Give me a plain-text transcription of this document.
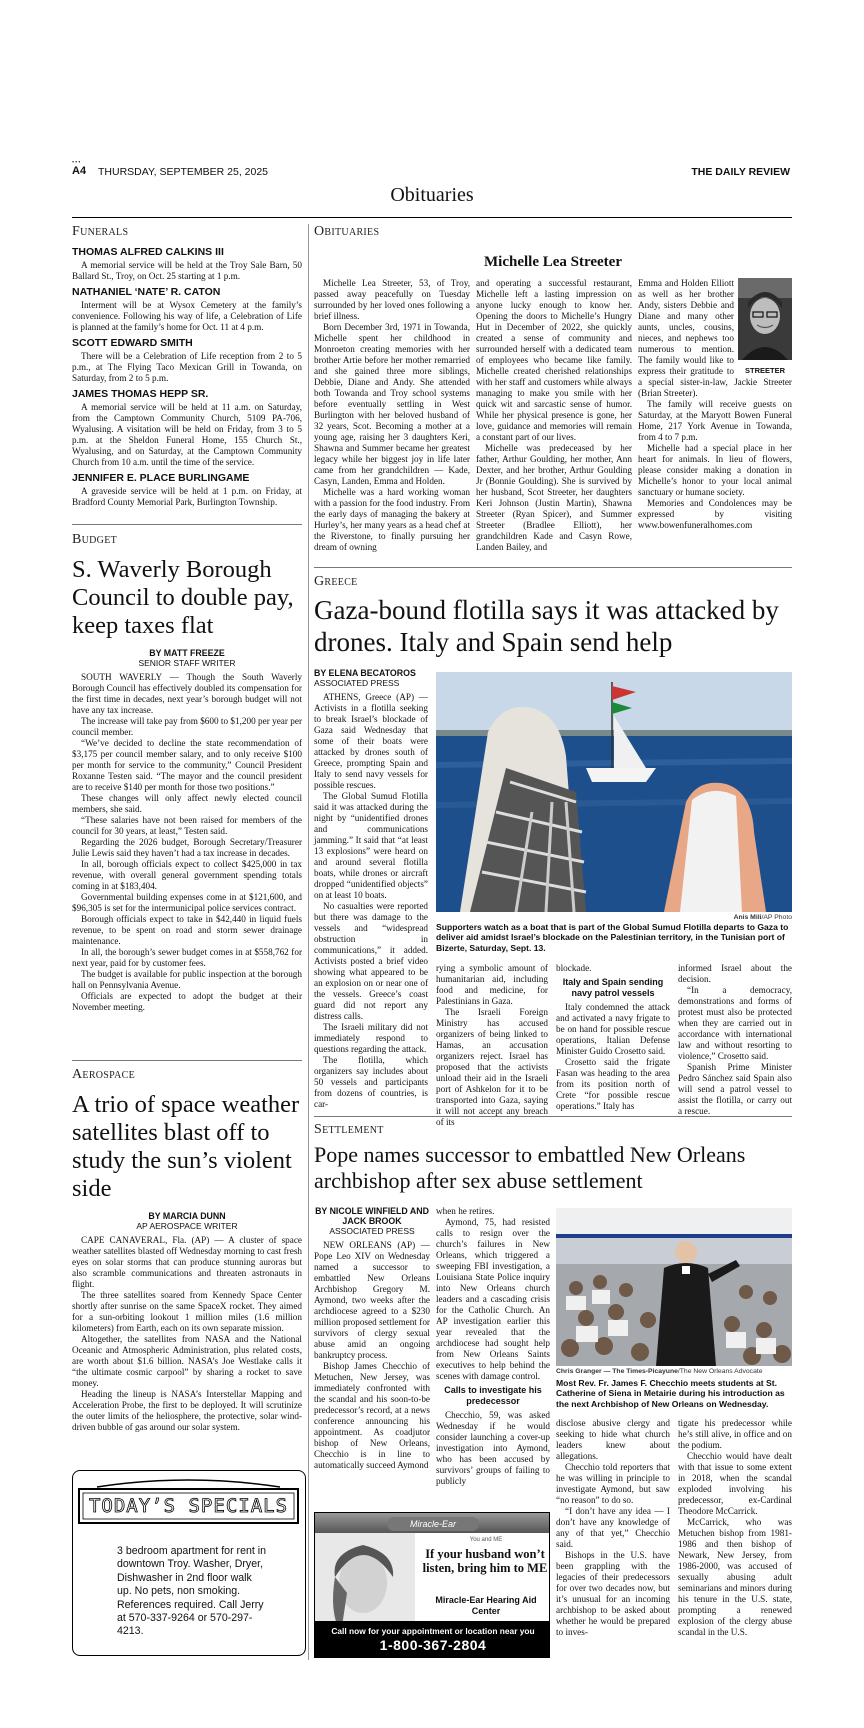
A4
•••
THURSDAY, SEPTEMBER 25, 2025	THE DAILY REVIEW
Obituaries
Funerals
THOMAS ALFRED CALKINS III
A memorial service will be held at the Troy Sale Barn, 50 Ballard St., Troy, on Oct. 25 starting at 1 p.m.
NATHANIEL ‘NATE’ R. CATON
Interment will be at Wysox Cemetery at the family’s convenience. Following his way of life, a Celebration of Life is planned at the family’s home for Oct. 11 at 4 p.m.
SCOTT EDWARD SMITH
There will be a Celebration of Life reception from 2 to 5 p.m., at The Flying Taco Mexican Grill in Towanda, on Saturday, from 2 to 5 p.m.
JAMES THOMAS HEPP SR.
A memorial service will be held at 11 a.m. on Saturday, from the Camptown Community Church, 5109 PA-706, Wyalusing. A visitation will be held on Friday, from 3 to 5 p.m. at the Sheldon Funeral Home, 155 Church St., Wyalusing, and on Saturday, at the Camptown Community Church from 10 a.m. until the time of the service.
JENNIFER E. PLACE BURLINGAME
A graveside service will be held at 1 p.m. on Friday, at Bradford County Memorial Park, Burlington Township.
Budget
S. Waverly Borough Council to double pay, keep taxes flat
BY MATT FREEZE
SENIOR STAFF WRITER

SOUTH WAVERLY — Though the South Waverly Borough Council has effectively doubled its compensation for the first time in decades, next year’s borough budget will not have any tax increase.

The increase will take pay from $600 to $1,200 per year per council member.

“We’ve decided to decline the state recommendation of $3,175 per council member salary, and to only receive $100 per month for service to the community,” Council President Roxanne Testen said. “The mayor and the council president are to receive $140 per month for those two positions.”

These changes will only affect newly elected council members, she said.

“These salaries have not been raised for members of the council for 30 years, at least,” Testen said.

Regarding the 2026 budget, Borough Secretary/Treasurer Julie Lewis said they haven’t had a tax increase in decades.

In all, borough officials expect to collect $425,000 in tax revenue, with overall general government spending totals coming in at $183,404.

Governmental building expenses come in at $121,600, and $96,305 is set for the intermunicipal police services contract.

Borough officials expect to take in $42,440 in liquid fuels revenue, to be spent on road and storm sewer drainage maintenance.

In all, the borough’s sewer budget comes in at $558,762 for next year, paid for by customer fees.

The budget is available for public inspection at the borough hall on Pennsylvania Avenue.

Officials are expected to adopt the budget at their November meeting.

Aerospace
A trio of space weather satellites blast off to study the sun’s violent side
BY MARCIA DUNN
AP AEROSPACE WRITER

CAPE CANAVERAL, Fla. (AP) — A cluster of space weather satellites blasted off Wednesday morning to cast fresh eyes on solar storms that can produce stunning auroras but also scramble communications and threaten astronauts in flight.

The three satellites soared from Kennedy Space Center shortly after sunrise on the same SpaceX rocket. They aimed for a sun-orbiting lookout 1 million miles (1.6 million kilometers) from Earth, each on its own separate mission.

Altogether, the satellites from NASA and the National Oceanic and Atmospheric Administration, plus related costs, are worth about $1.6 billion. NASA’s Joe Westlake calls it “the ultimate cosmic carpool” by sharing a rocket to save money.

Heading the lineup is NASA’s Interstellar Mapping and Acceleration Probe, the first to be deployed. It will scrutinize the outer limits of the heliosphere, the protective, solar wind-driven bubble of gas around our solar system.

TODAY’S SPECIALS
3 bedroom apartment for rent in downtown Troy. Washer, Dryer, Dishwasher in 2nd floor walk up. No pets, non smoking. References required. Call Jerry at 570-337-9264 or 570-297-4213.
Obituaries
Michelle Lea Streeter

Michelle Lea Streeter, 53, of Troy, passed away peacefully on Tuesday surrounded by her loved ones following a brief illness.

Born December 3rd, 1971 in Towanda, Michelle spent her childhood in Monroeton creating memories with her brother Artie before her mother remarried and she gained three more siblings, Debbie, Diane and Andy. She attended both Towanda and Troy school systems before eventually settling in West Burlington with her beloved husband of 32 years, Scot. Becoming a mother at a young age, raising her 3 daughters Keri, Shawna and Summer became her greatest legacy while her biggest joy in life later came from her grandchildren — Kade, Casyn, Landen, Emma and Holden.

Michelle was a hard working woman with a passion for the food industry. From the early days of managing the bakery at Hurley’s, her many years as a head chef at the Riverstone, to finally pursuing her dream of owning

and operating a successful restaurant, Michelle left a lasting impression on anyone lucky enough to know her. Opening the doors to Michelle’s Hungry Hut in December of 2022, she quickly created a sense of community and surrounded herself with a dedicated team of employees who became like family. Michelle created cherished relationships with her staff and customers while always managing to make you smile with her quick wit and sarcastic sense of humor. While her physical presence is gone, her love, guidance and memories will remain a constant part of our lives.

Michelle was predeceased by her father, Arthur Goulding, her mother, Ann Dexter, and her brother, Arthur Goulding Jr (Bonnie Goulding). She is survived by her husband, Scot Streeter, her daughters Keri Johnson (Justin Martin), Shawna Streeter (Ryan Spicer), and Summer Streeter (Bradlee Elliott), her grandchildren Kade and Casyn Rowe, Landen Bailey, and

STREETER

Emma and Holden Elliott as well as her brother Andy, sisters Debbie and Diane and many other aunts, uncles, cousins, nieces, and nephews too numerous to mention. The family would like to express their gratitude to a special sister-in-law, Jackie Streeter (Brian Streeter).

The family will receive guests on Saturday, at the Maryott Bowen Funeral Home, 217 York Avenue in Towanda, from 4 to 7 p.m.

Michelle had a special place in her heart for animals. In lieu of flowers, please consider making a donation in Michelle’s honor to your local animal sanctuary or humane society.

Memories and Condolences may be expressed by visiting www.bowenfuneralhomes.com

Greece
Gaza-bound flotilla says it was attacked by drones. Italy and Spain send help
BY ELENA BECATOROS
ASSOCIATED PRESS

ATHENS, Greece (AP) — Activists in a flotilla seeking to break Israel’s blockade of Gaza said Wednesday that some of their boats were attacked by drones south of Greece, prompting Spain and Italy to send navy vessels for possible rescues.

The Global Sumud Flotilla said it was attacked during the night by “unidentified drones and communications jamming.” It said that “at least 13 explosions” were heard on and around several flotilla boats, while drones or aircraft dropped “unidentified objects” on at least 10 boats.

No casualties were reported but there was damage to the vessels and “widespread obstruction in communications,” it added. Activists posted a brief video showing what appeared to be an explosion on or near one of the vessels. Greece’s coast guard did not report any distress calls.

The Israeli military did not immediately respond to questions regarding the attack.

The flotilla, which organizers say includes about 50 vessels and participants from dozens of countries, is car-

Anis Mili/AP Photo
Supporters watch as a boat that is part of the Global Sumud Flotilla departs to Gaza to deliver aid amidst Israel’s blockade on the Palestinian territory, in the Tunisian port of Bizerte, Saturday, Sept. 13.

rying a symbolic amount of humanitarian aid, including food and medicine, for Palestinians in Gaza.

The Israeli Foreign Ministry has accused organizers of being linked to Hamas, an accusation organizers reject. Israel has proposed that the activists unload their aid in the Israeli port of Ashkelon for it to be transported into Gaza, saying it will not accept any breach of its

blockade.

Italy and Spain sending navy patrol vessels

Italy condemned the attack and activated a navy frigate to be on hand for possible rescue operations, Italian Defense Minister Guido Crosetto said.

Crosetto said the frigate Fasan was heading to the area from its position north of Crete “for possible rescue operations.” Italy has

informed Israel about the decision.

“In a democracy, demonstrations and forms of protest must also be protected when they are carried out in accordance with international law and without resorting to violence,” Crosetto said.

Spanish Prime Minister Pedro Sánchez said Spain also will send a patrol vessel to assist the flotilla, or carry out a rescue.

Settlement
Pope names successor to embattled New Orleans archbishop after sex abuse settlement
BY NICOLE WINFIELD AND JACK BROOK
ASSOCIATED PRESS

NEW ORLEANS (AP) — Pope Leo XIV on Wednesday named a successor to embattled New Orleans Archbishop Gregory M. Aymond, two weeks after the archdiocese agreed to a $230 million proposed settlement for survivors of clergy sexual abuse amid an ongoing bankruptcy process.

Bishop James Checchio of Metuchen, New Jersey, was immediately confronted with the scandal and his soon-to-be predecessor’s record, at a news conference announcing his appointment. As coadjutor bishop of New Orleans, Checchio is in line to automatically succeed Aymond

when he retires.

Aymond, 75, had resisted calls to resign over the church’s failures in New Orleans, which triggered a sweeping FBI investigation, a Louisiana State Police inquiry into New Orleans church leaders and a cascading crisis for the Catholic Church. An AP investigation earlier this year revealed that the archdiocese had sought help from New Orleans Saints executives to help behind the scenes with damage control.

Calls to investigate his predecessor

Checchio, 59, was asked Wednesday if he would consider launching a cover-up investigation into Aymond, who has been accused by survivors’ groups of failing to publicly

Chris Granger — The Times-Picayune/The New Orleans Advocate
Most Rev. Fr. James F. Checchio meets students at St. Catherine of Siena in Metairie during his introduction as the next Archbishop of New Orleans on Wednesday.

disclose abusive clergy and seeking to hide what church leaders knew about allegations.

Checchio told reporters that he was willing in principle to investigate Aymond, but saw “no reason” to do so.

“I don’t have any idea — I don’t have any knowledge of any of that yet,” Checchio said.

Bishops in the U.S. have been grappling with the legacies of their predecessors for over two decades now, but it’s unusual for an incoming archbishop to be asked about whether he would be prepared to inves-

tigate his predecessor while he’s still alive, in office and on the podium.

Checchio would have dealt with that issue to some extent in 2018, when the scandal exploded involving his predecessor, ex-Cardinal Theodore McCarrick.

McCarrick, who was Metuchen bishop from 1981-1986 and then bishop of Newark, New Jersey, from 1986-2000, was accused of sexually abusing adult seminarians and minors during his tenure in the U.S. state, prompting a renewed explosion of the clergy abuse scandal in the U.S.

Miracle-Ear
You and ME
If your husband won’t listen, bring him to ME
Miracle-Ear Hearing Aid Center
Call now for your appointment or location near you
1-800-367-2804
